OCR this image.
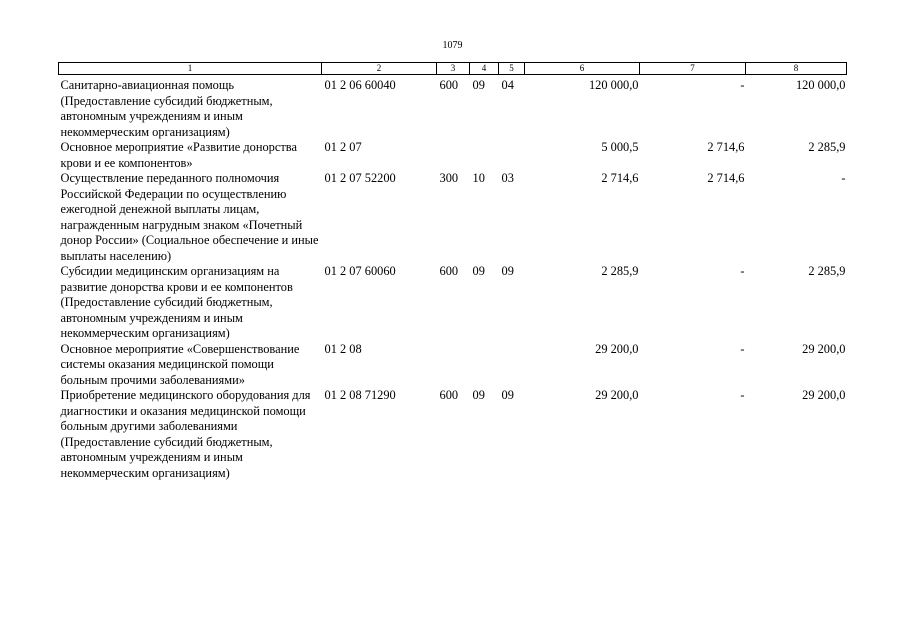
1079
1	2	3	4	5	6	7	8
Санитарно-авиационная помощь (Предоставление субсидий бюджетным, автономным учреждениям и иным некоммерческим организациям)	01 2 06 60040	600	09	04	120 000,0	-	120 000,0
Основное мероприятие «Развитие донорства крови и ее компонентов»	01 2 07				5 000,5	2 714,6	2 285,9
Осуществление переданного полномочия Российской Федерации по осуществлению ежегодной денежной выплаты лицам, награжденным нагрудным знаком «Почетный донор России» (Социальное обеспечение и иные выплаты населению)	01 2 07 52200	300	10	03	2 714,6	2 714,6	-
Субсидии медицинским организациям на развитие донорства крови и ее компонентов (Предоставление субсидий бюджетным, автономным учреждениям и иным некоммерческим организациям)	01 2 07 60060	600	09	09	2 285,9	-	2 285,9
Основное мероприятие «Совершенствование системы оказания медицинской помощи больным прочими заболеваниями»	01 2 08				29 200,0	-	29 200,0
Приобретение медицинского оборудования для диагностики и оказания медицинской помощи больным другими заболеваниями (Предоставление субсидий бюджетным, автономным учреждениям и иным некоммерческим организациям)	01 2 08 71290	600	09	09	29 200,0	-	29 200,0
